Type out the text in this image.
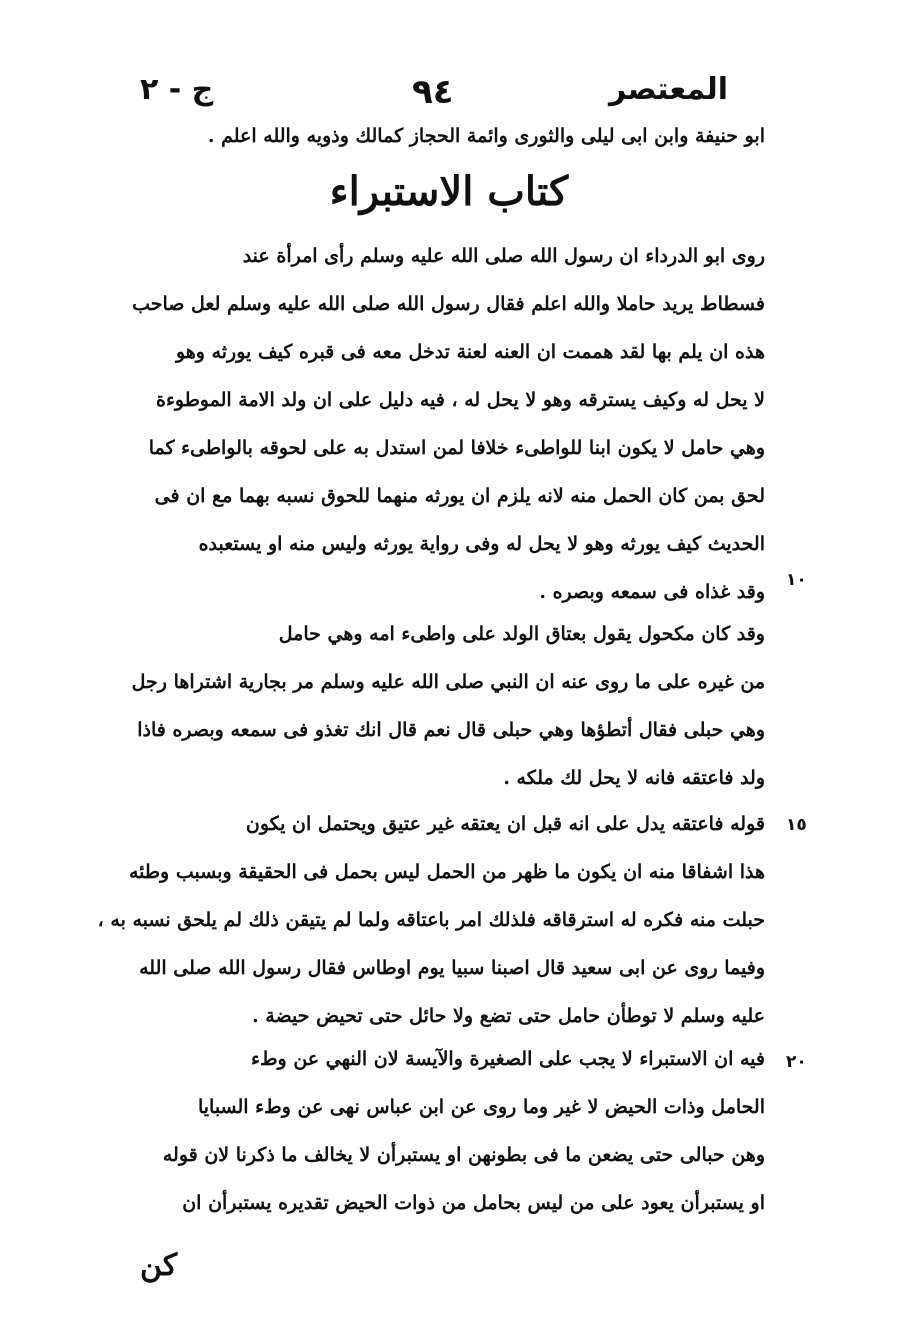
المعتصر
٩٤
ج - ٢
ابو حنيفة وابن ابى ليلى والثورى وائمة الحجاز كمالك وذويه والله اعلم .
كتاب الاستبراء
روى ابو الدرداء ان رسول الله صلى الله عليه وسلم رأى امرأة عند
فسطاط يريد حاملا والله اعلم فقال رسول الله صلى الله عليه وسلم لعل صاحب
هذه ان يلم بها لقد هممت ان العنه لعنة تدخل معه فى قبره كيف يورثه وهو
لا يحل له وكيف يسترقه وهو لا يحل له ، فيه دليل على ان ولد الامة الموطوءة
وهي حامل لا يكون ابنا للواطىء خلافا لمن استدل به على لحوقه بالواطىء كما
لحق بمن كان الحمل منه لانه يلزم ان يورثه منهما للحوق نسبه بهما مع ان فى
الحديث كيف يورثه وهو لا يحل له وفى رواية يورثه وليس منه او يستعبده
وقد غذاه فى سمعه وبصره .
وقد كان مكحول يقول بعتاق الولد على واطىء امه وهي حامل
من غيره على ما روى عنه ان النبي صلى الله عليه وسلم مر بجارية اشتراها رجل
وهي حبلى فقال أتطؤها وهي حبلى قال نعم قال انك تغذو فى سمعه وبصره فاذا
ولد فاعتقه فانه لا يحل لك ملكه .
قوله فاعتقه يدل على انه قبل ان يعتقه غير عتيق ويحتمل ان يكون
هذا اشفاقا منه ان يكون ما ظهر من الحمل ليس بحمل فى الحقيقة وبسبب وطئه
حبلت منه فكره له استرقاقه فلذلك امر باعتاقه ولما لم يتيقن ذلك لم يلحق نسبه به ،
وفيما روى عن ابى سعيد قال اصبنا سبيا يوم اوطاس فقال رسول الله صلى الله
عليه وسلم لا توطأن حامل حتى تضع ولا حائل حتى تحيض حيضة .
فيه ان الاستبراء لا يجب على الصغيرة والآيسة لان النهي عن وطء
الحامل وذات الحيض لا غير وما روى عن ابن عباس نهى عن وطء السبايا
وهن حبالى حتى يضعن ما فى بطونهن او يستبرأن لا يخالف ما ذكرنا لان قوله
او يستبرأن يعود على من ليس بحامل من ذوات الحيض تقديره يستبرأن ان
١٠
١٥
٢٠
كن
